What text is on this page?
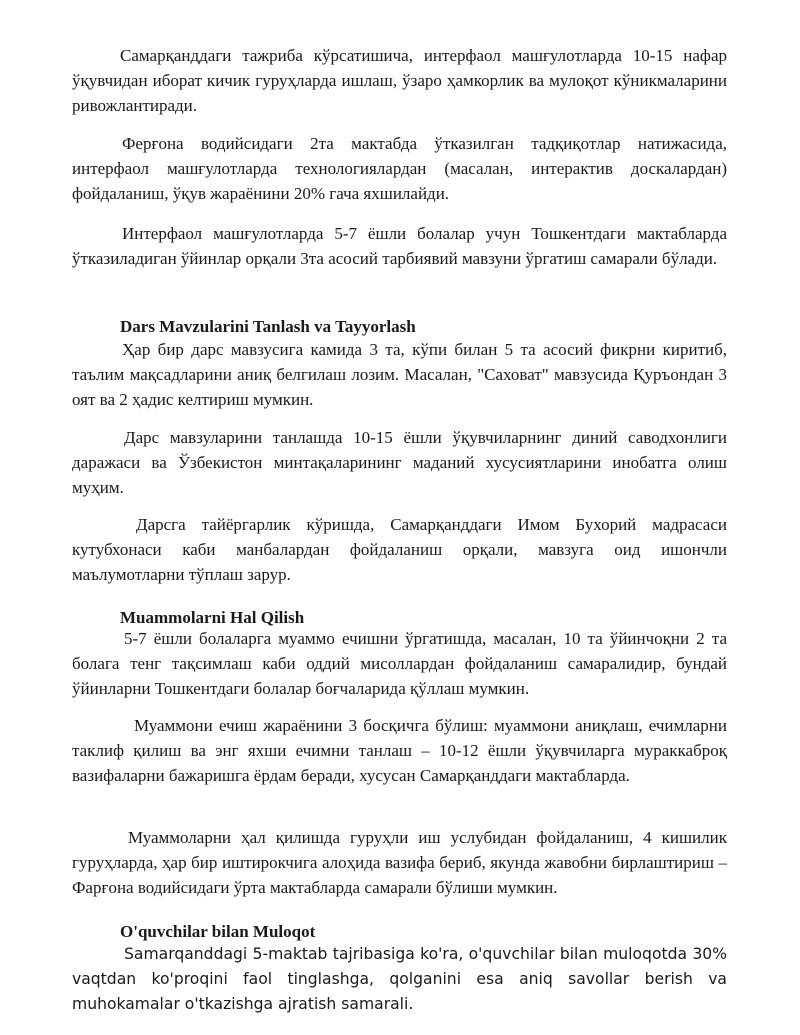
Самарқанддаги тажриба кўрсатишича, интерфаол машғулотларда 10-15 нафар ўқувчидан иборат кичик гуруҳларда ишлаш, ўзаро ҳамкорлик ва мулоқот кўникмаларини ривожлантиради.

Ферғона водийсидаги 2та мактабда ўтказилган тадқиқотлар натижасида, интерфаол машғулотларда технологиялардан (масалан, интерактив доскалардан) фойдаланиш, ўқув жараёнини 20% гача яхшилайди.

Интерфаол машғулотларда 5-7 ёшли болалар учун Тошкентдаги мактабларда ўтказиладиган ўйинлар орқали 3та асосий тарбиявий мавзуни ўргатиш самарали бўлади.

Dars Mavzularini Tanlash va Tayyorlash

Ҳар бир дарс мавзусига камида 3 та, кўпи билан 5 та асосий фикрни киритиб, таълим мақсадларини аниқ белгилаш лозим. Масалан, "Саховат" мавзусида Қуръондан 3 оят ва 2 ҳадис келтириш мумкин.

Дарс мавзуларини танлашда 10-15 ёшли ўқувчиларнинг диний саводхонлиги даражаси ва Ўзбекистон минтақаларининг маданий хусусиятларини инобатга олиш муҳим.

Дарсга тайёргарлик кўришда, Самарқанддаги Имом Бухорий мадрасаси кутубхонаси каби манбалардан фойдаланиш орқали, мавзуга оид ишончли маълумотларни тўплаш зарур.

Muammolarni Hal Qilish

5-7 ёшли болаларга муаммо ечишни ўргатишда, масалан, 10 та ўйинчоқни 2 та болага тенг тақсимлаш каби оддий мисоллардан фойдаланиш самаралидир, бундай ўйинларни Тошкентдаги болалар боғчаларида қўллаш мумкин.

Муаммони ечиш жараёнини 3 босқичга бўлиш: муаммони аниқлаш, ечимларни таклиф қилиш ва энг яхши ечимни танлаш – 10-12 ёшли ўқувчиларга мураккаброқ вазифаларни бажаришга ёрдам беради, хусусан Самарқанддаги мактабларда.

Муаммоларни ҳал қилишда гуруҳли иш услубидан фойдаланиш, 4 кишилик гуруҳларда, ҳар бир иштирокчига алоҳида вазифа бериб, якунда жавобни бирлаштириш – Фарғона водийсидаги ўрта мактабларда самарали бўлиши мумкин.

O'quvchilar bilan Muloqot

Samarqanddagi 5-maktab tajribasiga ko'ra, o'quvchilar bilan muloqotda 30% vaqtdan ko'proqini faol tinglashga, qolganini esa aniq savollar berish va muhokamalar o'tkazishga ajratish samarali.
